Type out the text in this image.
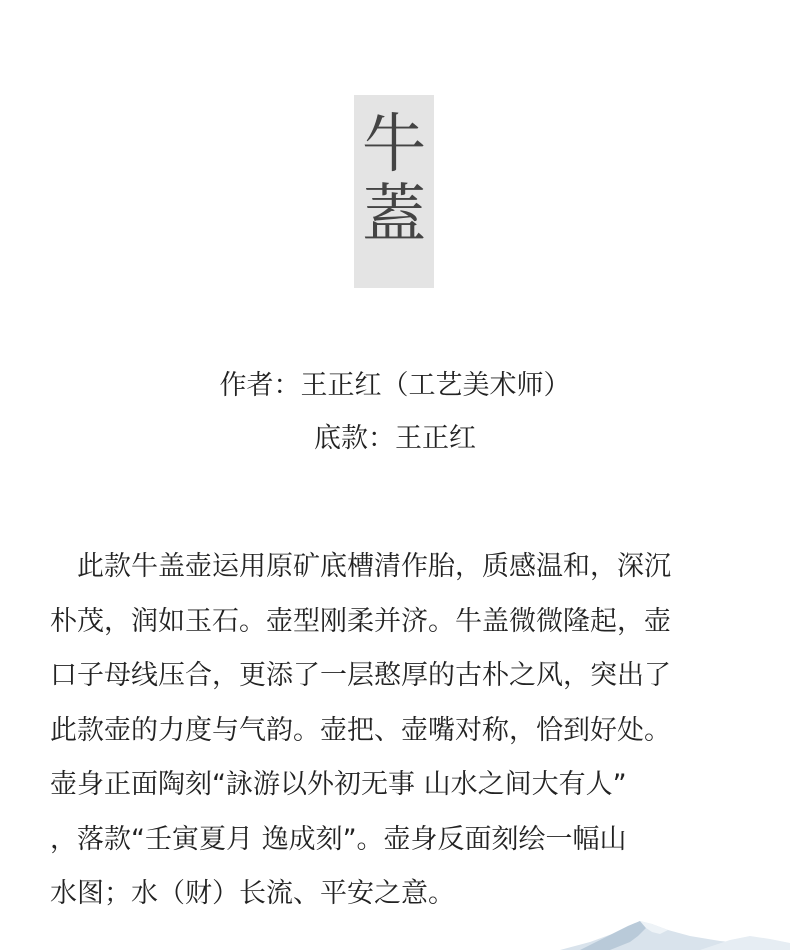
牛
蓋
作者：王正红（工艺美术师）
底款：王正红
　此款牛盖壶运用原矿底槽清作胎，质感温和，深沉
朴茂，润如玉石。壶型刚柔并济。牛盖微微隆起，壶
口子母线压合，更添了一层憨厚的古朴之风，突出了
此款壶的力度与气韵。壶把、壶嘴对称，恰到好处。
壶身正面陶刻“詠游以外初无事 山水之间大有人”
，落款“壬寅夏月 逸成刻”。壶身反面刻绘一幅山
水图；水（财）长流、平安之意。
